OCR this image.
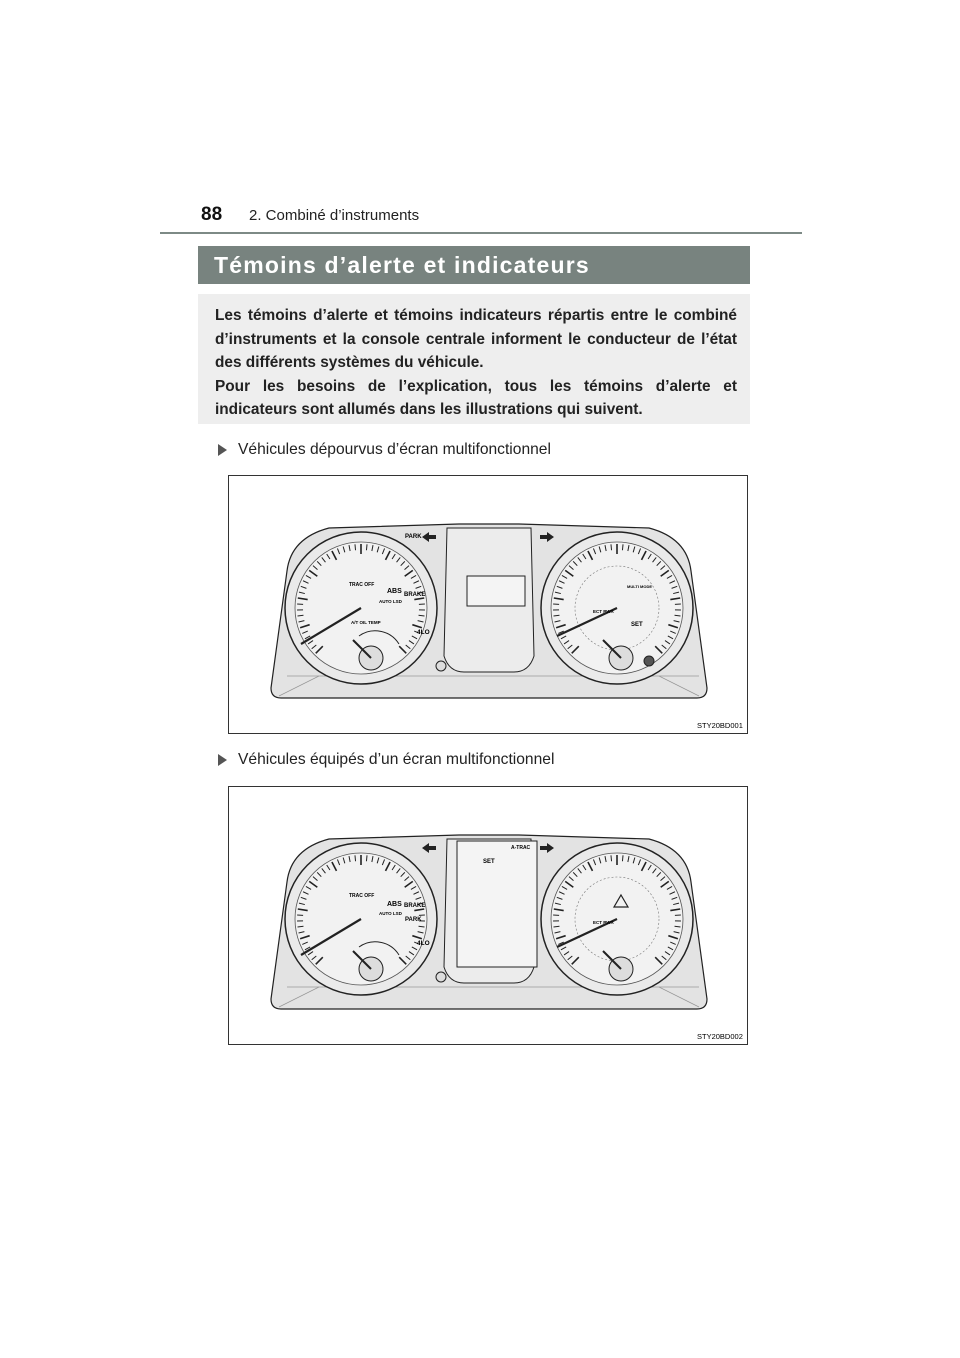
88 2. Combiné d’instruments
Témoins d’alerte et indicateurs

Les témoins d’alerte et témoins indicateurs répartis entre le combiné d’instruments et la console centrale informent le conducteur de l’état des différents systèmes du véhicule.

Pour les besoins de l’explication, tous les témoins d’alerte et indicateurs sont allumés dans les illustrations qui suivent.

Véhicules dépourvus d’écran multifonctionnel
TRAC OFF
ABS BRAKE
AUTO LSD
A/T OIL TEMP
4LO
ECT PWR
MULTI MODE
SET
PARK
STY20BD001
Véhicules équipés d’un écran multifonctionnel
A-TRAC
SET
TRAC OFF
ABS BRAKE
AUTO LSD
PARK
4LO
ECT PWR
STY20BD002
